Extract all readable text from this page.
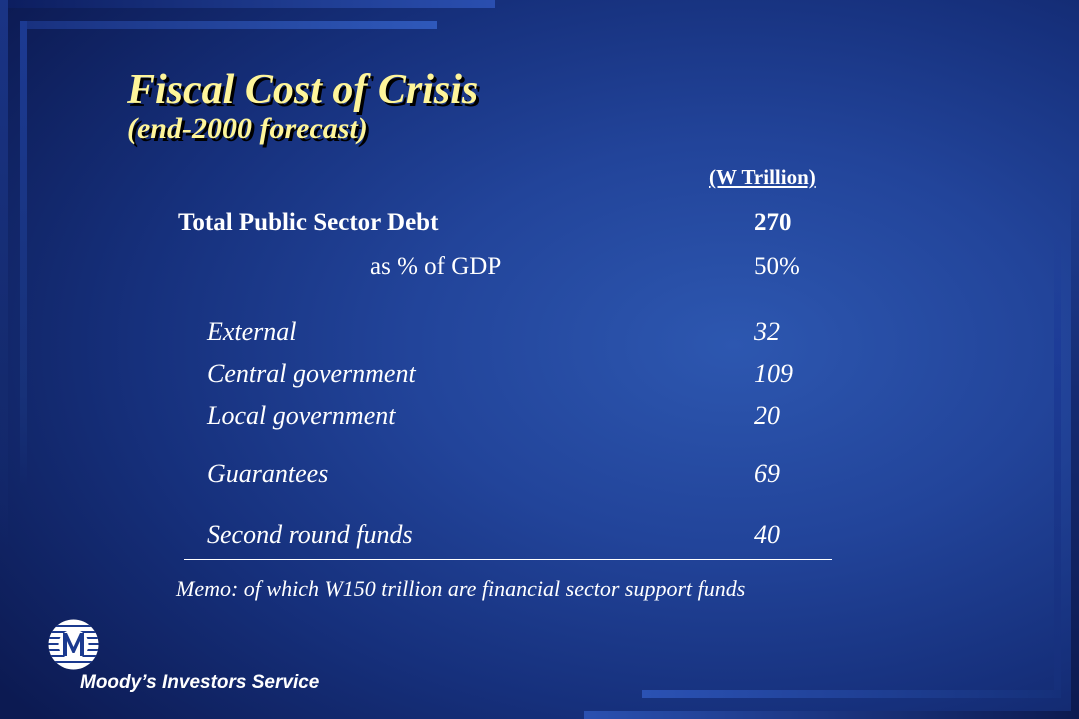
Fiscal Cost of Crisis
(end-2000 forecast)
(W Trillion)
Total Public Sector Debt	270
as % of GDP	50%
External	32
Central government	109
Local government	20
Guarantees	69
Second round funds	40
Memo: of which W150 trillion are financial sector support funds
Moody’s Investors Service
